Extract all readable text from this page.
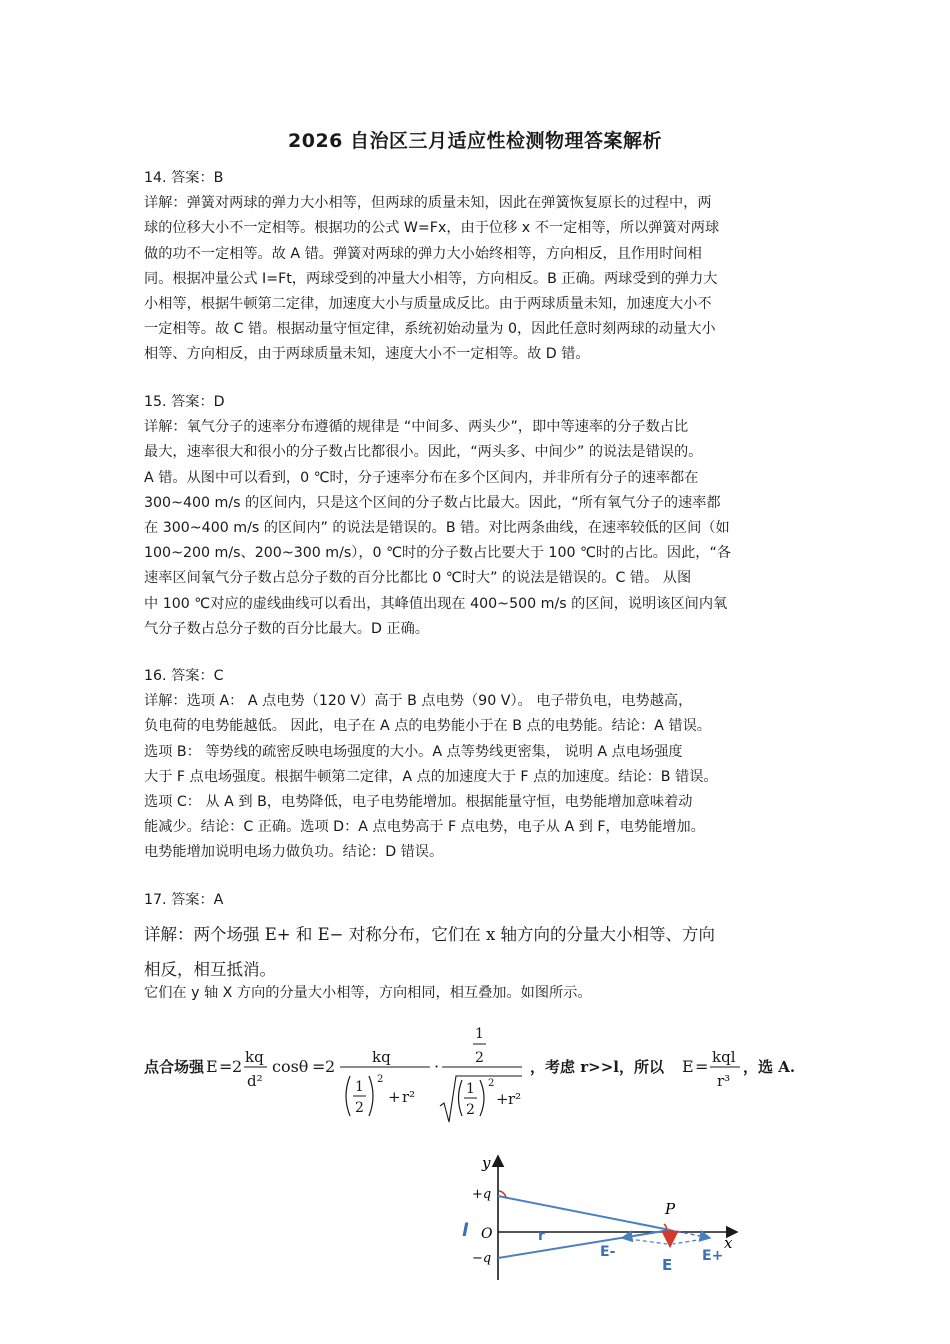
2026 自治区三月适应性检测物理答案解析

14. 答案：B

详解：弹簧对两球的弹力大小相等，但两球的质量未知，因此在弹簧恢复原长的过程中，两

球的位移大小不一定相等。根据功的公式 W=Fx，由于位移 x 不一定相等，所以弹簧对两球

做的功不一定相等。故 A 错。弹簧对两球的弹力大小始终相等，方向相反，且作用时间相

同。根据冲量公式 I=Ft，两球受到的冲量大小相等，方向相反。B 正确。两球受到的弹力大

小相等，根据牛顿第二定律，加速度大小与质量成反比。由于两球质量未知，加速度大小不

一定相等。故 C 错。根据动量守恒定律，系统初始动量为 0，因此任意时刻两球的动量大小

相等、方向相反，由于两球质量未知，速度大小不一定相等。故 D 错。

15. 答案：D

详解：氧气分子的速率分布遵循的规律是 “中间多、两头少”，即中等速率的分子数占比

最大，速率很大和很小的分子数占比都很小。因此，“两头多、中间少” 的说法是错误的。

A 错。从图中可以看到，0 ℃时，分子速率分布在多个区间内，并非所有分子的速率都在

300~400 m/s 的区间内，只是这个区间的分子数占比最大。因此，“所有氧气分子的速率都

在 300~400 m/s 的区间内” 的说法是错误的。B 错。对比两条曲线，在速率较低的区间（如

100~200 m/s、200~300 m/s），0 ℃时的分子数占比要大于 100 ℃时的占比。因此，“各

速率区间氧气分子数占总分子数的百分比都比 0 ℃时大” 的说法是错误的。C 错。 从图

中 100 ℃对应的虚线曲线可以看出，其峰值出现在 400~500 m/s 的区间，说明该区间内氧

气分子数占总分子数的百分比最大。D 正确。

16. 答案：C

详解：选项 A： A 点电势（120 V）高于 B 点电势（90 V）。 电子带负电，电势越高，

负电荷的电势能越低。 因此，电子在 A 点的电势能小于在 B 点的电势能。结论：A 错误。

选项 B： 等势线的疏密反映电场强度的大小。A 点等势线更密集， 说明 A 点电场强度

大于 F 点电场强度。根据牛顿第二定律，A 点的加速度大于 F 点的加速度。结论：B 错误。

选项 C： 从 A 到 B，电势降低，电子电势能增加。根据能量守恒，电势能增加意味着动

能减少。结论：C 正确。选项 D：A 点电势高于 F 点电势，电子从 A 到 F，电势能增加。

电势能增加说明电场力做负功。结论：D 错误。

17. 答案：A

详解：两个场强 E+ 和 E− 对称分布，它们在 x 轴方向的分量大小相等、方向

相反，相互抵消。

它们在 y 轴 X 方向的分量大小相等，方向相同，相互叠加。如图所示。

点合场强 E = 2 kq
d²
cosθ = 2 kq
1
2
2
+ r²
·
1
2
1
2
2
+ r²
，考虑 r>>l，所以 E = kql
r³
，选 A.
y
x
+q
−q
O
P
l	r
E-	E+
E
